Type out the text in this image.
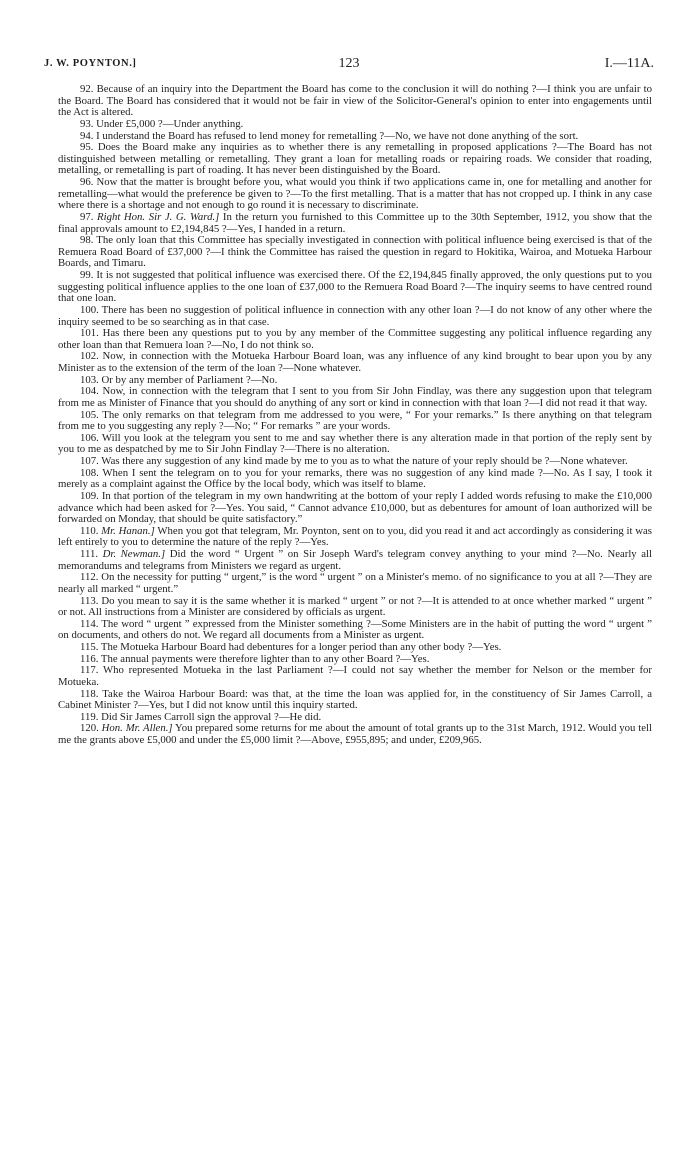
J. W. POYNTON.]	123	I.—11A.

92. Because of an inquiry into the Department the Board has come to the conclusion it will do nothing ?—I think you are unfair to the Board. The Board has considered that it would not be fair in view of the Solicitor-General's opinion to enter into engagements until the Act is altered.

93. Under £5,000 ?—Under anything.

94. I understand the Board has refused to lend money for remetalling ?—No, we have not done anything of the sort.

95. Does the Board make any inquiries as to whether there is any remetalling in proposed applications ?—The Board has not distinguished between metalling or remetalling. They grant a loan for metalling roads or repairing roads. We consider that roading, metalling, or remetalling is part of roading. It has never been distinguished by the Board.

96. Now that the matter is brought before you, what would you think if two applications came in, one for metalling and another for remetalling—what would the preference be given to ?—To the first metalling. That is a matter that has not cropped up. I think in any case where there is a shortage and not enough to go round it is necessary to discriminate.

97. Right Hon. Sir J. G. Ward.] In the return you furnished to this Committee up to the 30th September, 1912, you show that the final approvals amount to £2,194,845 ?—Yes, I handed in a return.

98. The only loan that this Committee has specially investigated in connection with political influence being exercised is that of the Remuera Road Board of £37,000 ?—I think the Committee has raised the question in regard to Hokitika, Wairoa, and Motueka Harbour Boards, and Timaru.

99. It is not suggested that political influence was exercised there. Of the £2,194,845 finally approved, the only questions put to you suggesting political influence applies to the one loan of £37,000 to the Remuera Road Board ?—The inquiry seems to have centred round that one loan.

100. There has been no suggestion of political influence in connection with any other loan ?—I do not know of any other where the inquiry seemed to be so searching as in that case.

101. Has there been any questions put to you by any member of the Committee suggesting any political influence regarding any other loan than that Remuera loan ?—No, I do not think so.

102. Now, in connection with the Motueka Harbour Board loan, was any influence of any kind brought to bear upon you by any Minister as to the extension of the term of the loan ?—None whatever.

103. Or by any member of Parliament ?—No.

104. Now, in connection with the telegram that I sent to you from Sir John Findlay, was there any suggestion upon that telegram from me as Minister of Finance that you should do anything of any sort or kind in connection with that loan ?—I did not read it that way.

105. The only remarks on that telegram from me addressed to you were, “ For your remarks.” Is there anything on that telegram from me to you suggesting any reply ?—No; “ For remarks ” are your words.

106. Will you look at the telegram you sent to me and say whether there is any alteration made in that portion of the reply sent by you to me as despatched by me to Sir John Findlay ?—There is no alteration.

107. Was there any suggestion of any kind made by me to you as to what the nature of your reply should be ?—None whatever.

108. When I sent the telegram on to you for your remarks, there was no suggestion of any kind made ?—No. As I say, I took it merely as a complaint against the Office by the local body, which was itself to blame.

109. In that portion of the telegram in my own handwriting at the bottom of your reply I added words refusing to make the £10,000 advance which had been asked for ?—Yes. You said, “ Cannot advance £10,000, but as debentures for amount of loan authorized will be forwarded on Monday, that should be quite satisfactory.”

110. Mr. Hanan.] When you got that telegram, Mr. Poynton, sent on to you, did you read it and act accordingly as considering it was left entirely to you to determine the nature of the reply ?—Yes.

111. Dr. Newman.] Did the word “ Urgent ” on Sir Joseph Ward's telegram convey anything to your mind ?—No. Nearly all memorandums and telegrams from Ministers we regard as urgent.

112. On the necessity for putting “ urgent,” is the word “ urgent ” on a Minister's memo. of no significance to you at all ?—They are nearly all marked “ urgent.”

113. Do you mean to say it is the same whether it is marked “ urgent ” or not ?—It is attended to at once whether marked “ urgent ” or not. All instructions from a Minister are considered by officials as urgent.

114. The word “ urgent ” expressed from the Minister something ?—Some Ministers are in the habit of putting the word “ urgent ” on documents, and others do not. We regard all documents from a Minister as urgent.

115. The Motueka Harbour Board had debentures for a longer period than any other body ?—Yes.

116. The annual payments were therefore lighter than to any other Board ?—Yes.

117. Who represented Motueka in the last Parliament ?—I could not say whether the member for Nelson or the member for Motueka.

118. Take the Wairoa Harbour Board: was that, at the time the loan was applied for, in the constituency of Sir James Carroll, a Cabinet Minister ?—Yes, but I did not know until this inquiry started.

119. Did Sir James Carroll sign the approval ?—He did.

120. Hon. Mr. Allen.] You prepared some returns for me about the amount of total grants up to the 31st March, 1912. Would you tell me the grants above £5,000 and under the £5,000 limit ?—Above, £955,895; and under, £209,965.
